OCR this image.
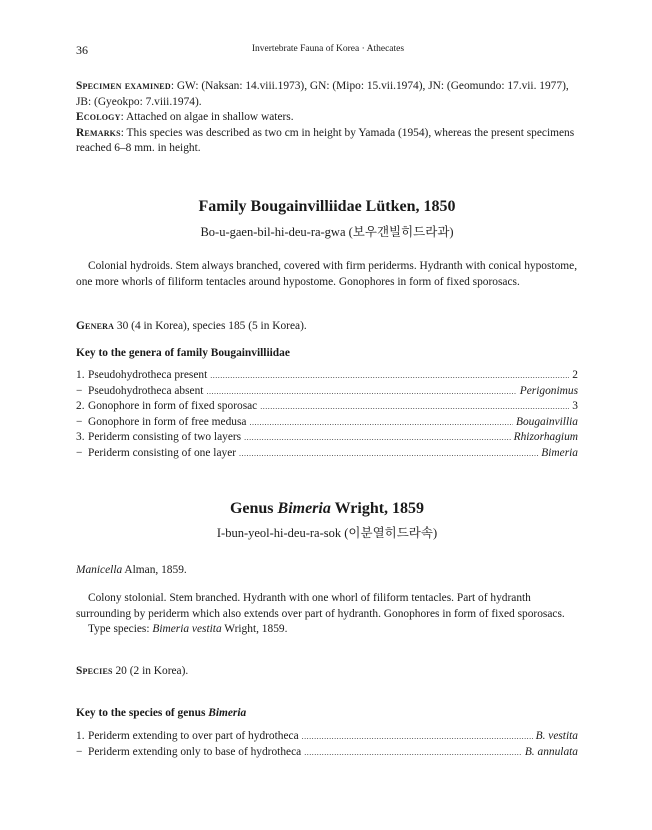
36	Invertebrate Fauna of Korea · Athecates

Specimen examined: GW: (Naksan: 14.viii.1973), GN: (Mipo: 15.vii.1974), JN: (Geomundo: 17.vii. 1977), JB: (Gyeokpo: 7.viii.1974).

Ecology: Attached on algae in shallow waters.

Remarks: This species was described as two cm in height by Yamada (1954), whereas the present specimens reached 6–8 mm. in height.

Family Bougainvilliidae Lütken, 1850
Bo-u-gaen-bil-hi-deu-ra-gwa (보우갠빌히드라과)

Colonial hydroids. Stem always branched, covered with firm periderms. Hydranth with conical hypostome, one more whorls of filiform tentacles around hypostome. Gonophores in form of fixed sporosacs.

Genera 30 (4 in Korea), species 185 (5 in Korea).

Key to the genera of family Bougainvilliidae
1. Pseudohydrotheca present .....	2
− Pseudohydrotheca absent .....	Perigonimus
2. Gonophore in form of fixed sporosac .....	3
− Gonophore in form of free medusa .....	Bougainvillia
3. Periderm consisting of two layers .....	Rhizorhagium
− Periderm consisting of one layer .....	Bimeria
Genus Bimeria Wright, 1859
I-bun-yeol-hi-deu-ra-sok (이분열히드라속)

Manicella Alman, 1859.

Colony stolonial. Stem branched. Hydranth with one whorl of filiform tentacles. Part of hydranth surrounding by periderm which also extends over part of hydranth. Gonophores in form of fixed sporosacs.

Type species: Bimeria vestita Wright, 1859.

Species 20 (2 in Korea).

Key to the species of genus Bimeria
1. Periderm extending to over part of hydrotheca .....	B. vestita
− Periderm extending only to base of hydrotheca .....	B. annulata
